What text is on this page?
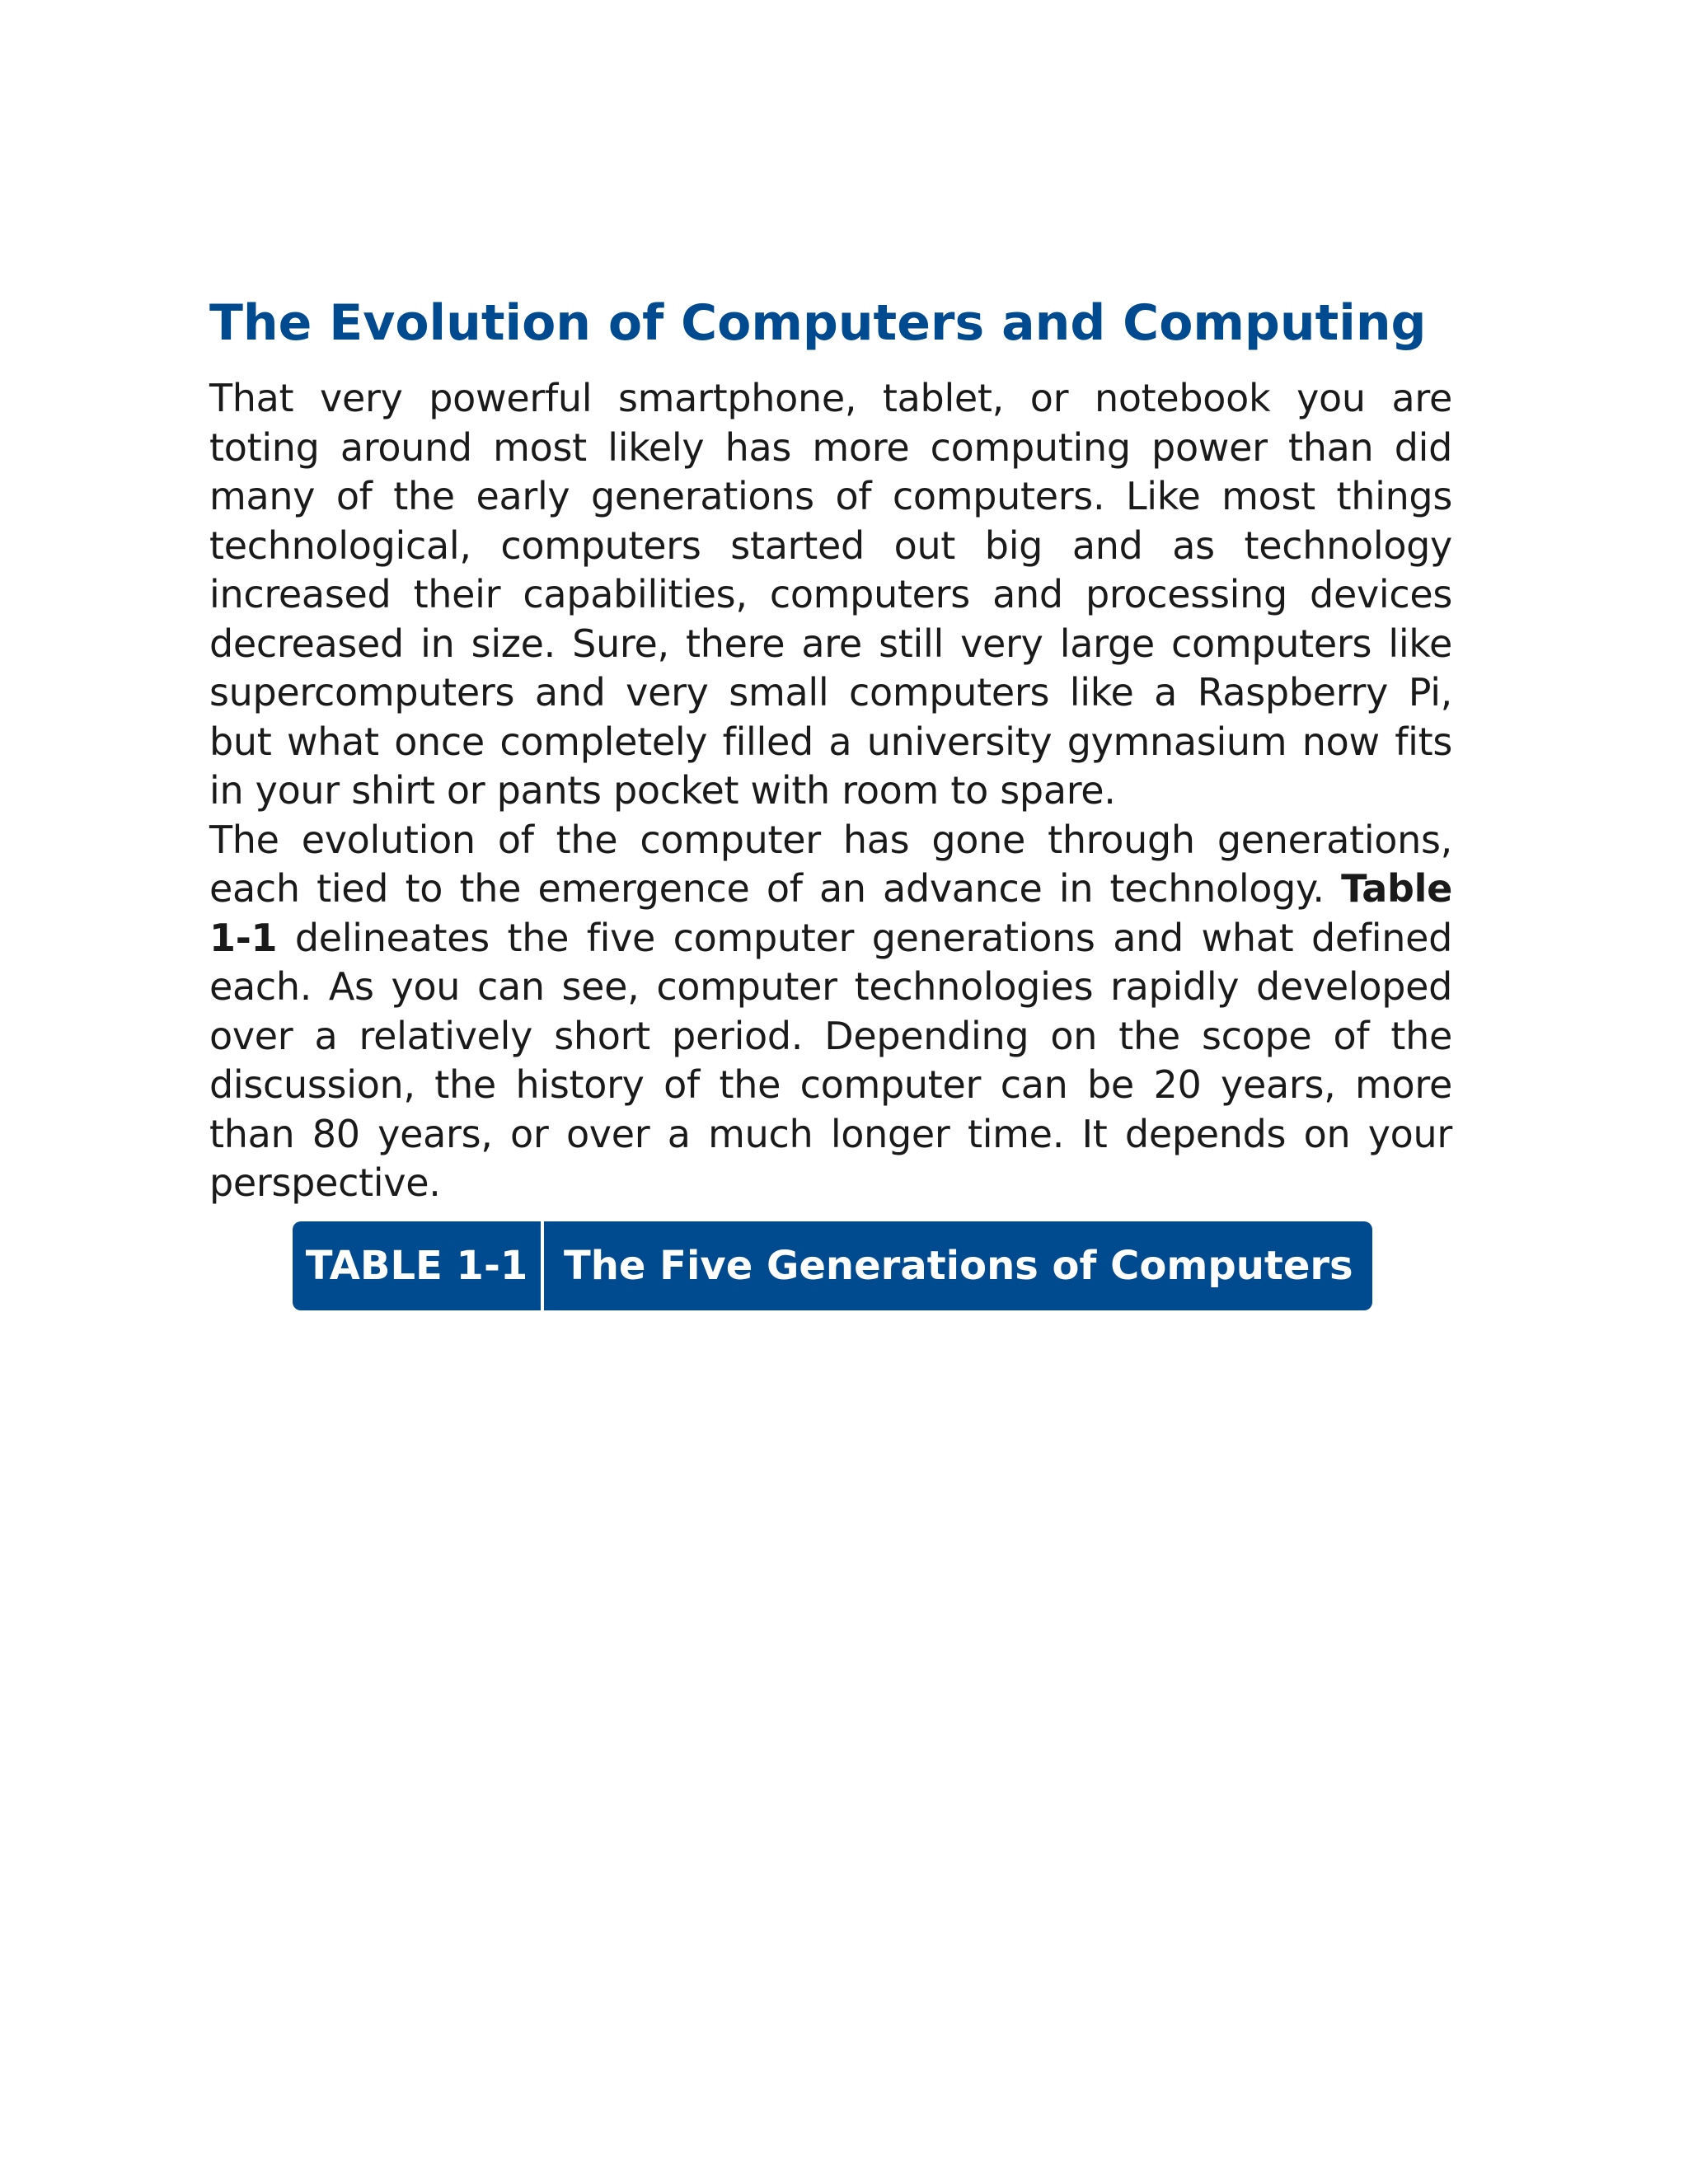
The Evolution of Computers and Computing

That very powerful smartphone, tablet, or notebook you are toting around most likely has more computing power than did many of the early generations of computers. Like most things technological, computers started out big and as technology increased their capabilities, computers and processing devices decreased in size. Sure, there are still very large computers like supercomputers and very small computers like a Raspberry Pi, but what once completely filled a university gymnasium now fits in your shirt or pants pocket with room to spare.

The evolution of the computer has gone through generations, each tied to the emergence of an advance in technology. Table 1-1 delineates the five computer generations and what defined each. As you can see, computer technologies rapidly developed over a relatively short period. Depending on the scope of the discussion, the history of the computer can be 20 years, more than 80 years, or over a much longer time. It depends on your perspective.

TABLE 1-1 The Five Generations of Computers
